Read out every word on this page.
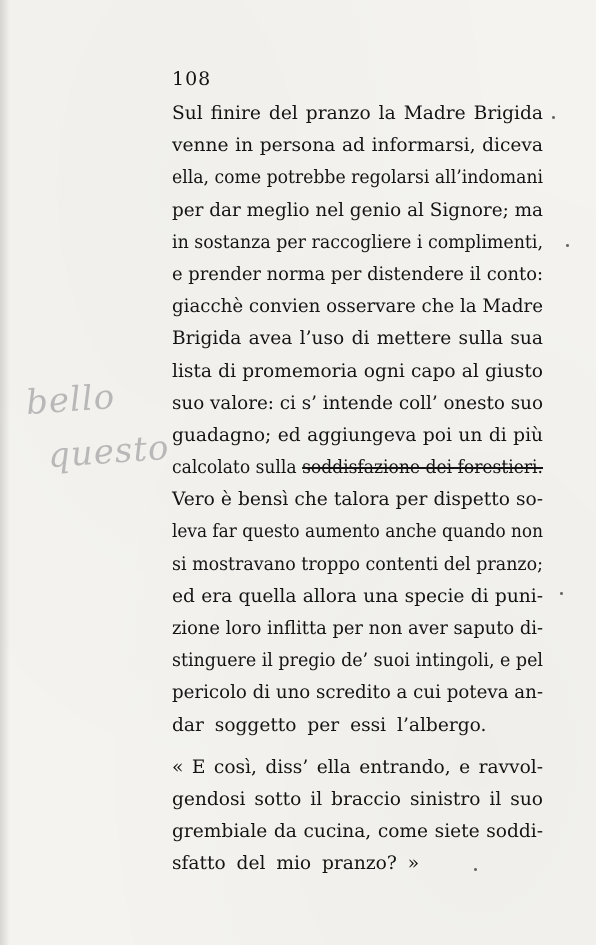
108
bello
questo
Sul finire del pranzo la Madre Brigida
venne in persona ad informarsi, diceva
ella, come potrebbe regolarsi all’indomani
per dar meglio nel genio al Signore; ma
in sostanza per raccogliere i complimenti,
e prender norma per distendere il conto:
giacchè convien osservare che la Madre
Brigida avea l’uso di mettere sulla sua
lista di promemoria ogni capo al giusto
suo valore: ci s’ intende coll’ onesto suo
guadagno; ed aggiungeva poi un di più
calcolato sulla soddisfazione dei forestieri.
Vero è bensì che talora per dispetto so-
leva far questo aumento anche quando non
si mostravano troppo contenti del pranzo;
ed era quella allora una specie di puni-
zione loro inflitta per non aver saputo di-
stinguere il pregio de’ suoi intingoli, e pel
pericolo di uno scredito a cui poteva an-
dar soggetto per essi l’albergo.
« E così, diss’ ella entrando, e ravvol-
gendosi sotto il braccio sinistro il suo
grembiale da cucina, come siete soddi-
sfatto del mio pranzo? »
